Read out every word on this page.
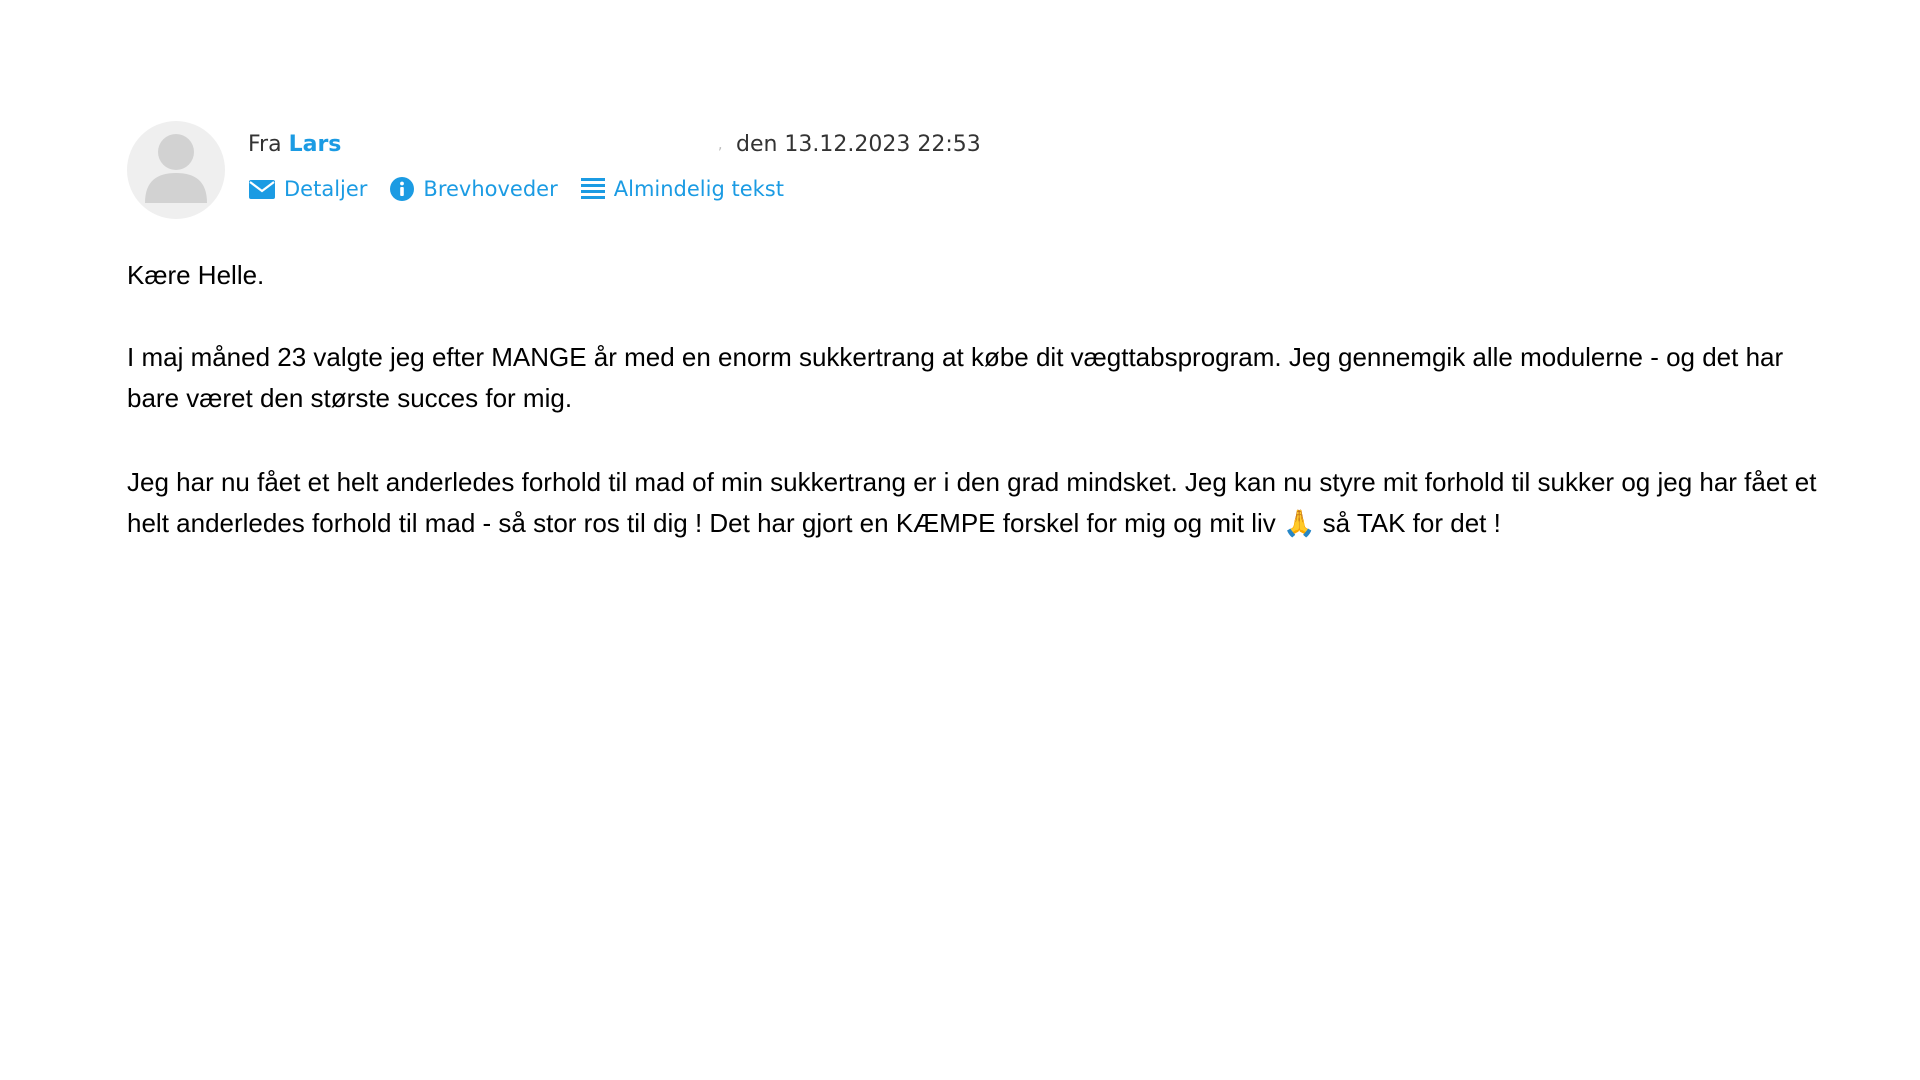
Fra Lars	, den 13.12.2023 22:53
Detaljer	Brevhoveder	Almindelig tekst

Kære Helle.

I maj måned 23 valgte jeg efter MANGE år med en enorm sukkertrang at købe dit vægttabsprogram. Jeg gennemgik alle modulerne - og det har bare været den største succes for mig.

Jeg har nu fået et helt anderledes forhold til mad of min sukkertrang er i den grad mindsket. Jeg kan nu styre mit forhold til sukker og jeg har fået et helt anderledes forhold til mad - så stor ros til dig ! Det har gjort en KÆMPE forskel for mig og mit liv 🙏 så TAK for det !
